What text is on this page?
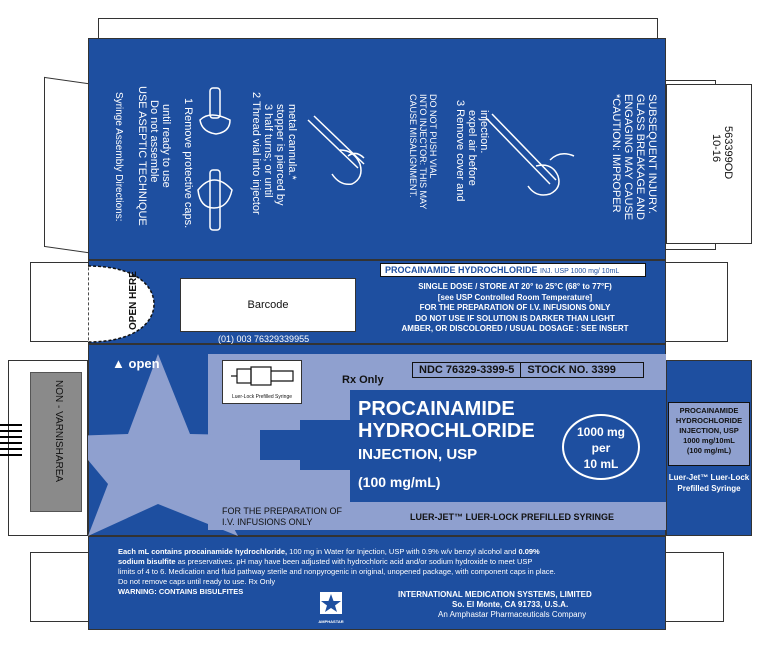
563399OD
10-16
Syringe Assembly Directions: USE ASEPTIC TECHNIQUE Do not assemble until ready to use 1 Remove protective caps.	2 Thread vial into injector 3 half turns; or until stopper is pierced by metal cannula.*	DO NOT PUSH VIAL
INTO INJECTOR: THIS MAY
CAUSE MISALIGNMENT.	3 Remove cover and expel air before injection.	*CAUTION: IMPROPER ENGAGING MAY CAUSE GLASS BREAKAGE AND SUBSEQUENT INJURY.
OPEN HERE	Barcode
(01) 003 76329339955
PROCAINAMIDE HYDROCHLORIDE INJ. USP 1000 mg/ 10mL
SINGLE DOSE / STORE AT 20° to 25°C (68° to 77°F)
[see USP Controlled Room Temperature]
FOR THE PREPARATION OF I.V. INFUSIONS ONLY
DO NOT USE IF SOLUTION IS DARKER THAN LIGHT
AMBER, OR DISCOLORED / USUAL DOSAGE : SEE INSERT
▲ open
Luer-Lock Prefilled Syringe
Rx Only
NDC 76329-3399-5	STOCK NO. 3399
PROCAINAMIDE
HYDROCHLORIDE
INJECTION, USP
(100 mg/mL)
1000 mg
per
10 mL
FOR THE PREPARATION OF
I.V. INFUSIONS ONLY	LUER-JET™ LUER-LOCK PREFILLED SYRINGE
NON - VARNISHAREA	PROCAINAMIDE
HYDROCHLORIDE
INJECTION, USP
1000 mg/10mL
(100 mg/mL)
Luer-Jet™ Luer-Lock
Prefilled Syringe
Each mL contains procainamide hydrochloride, 100 mg in Water for Injection, USP with 0.9% w/v benzyl alcohol and 0.09%
sodium bisulfite as preservatives. pH may have been adjusted with hydrochloric acid and/or sodium hydroxide to meet USP
limits of 4 to 6. Medication and fluid pathway sterile and nonpyrogenic in original, unopened package, with component caps in place.
Do not remove caps until ready to use. Rx Only
WARNING: CONTAINS BISULFITES
AMPHASTAR
INTERNATIONAL MEDICATION SYSTEMS, LIMITED
So. El Monte, CA 91733, U.S.A.
An Amphastar Pharmaceuticals Company
